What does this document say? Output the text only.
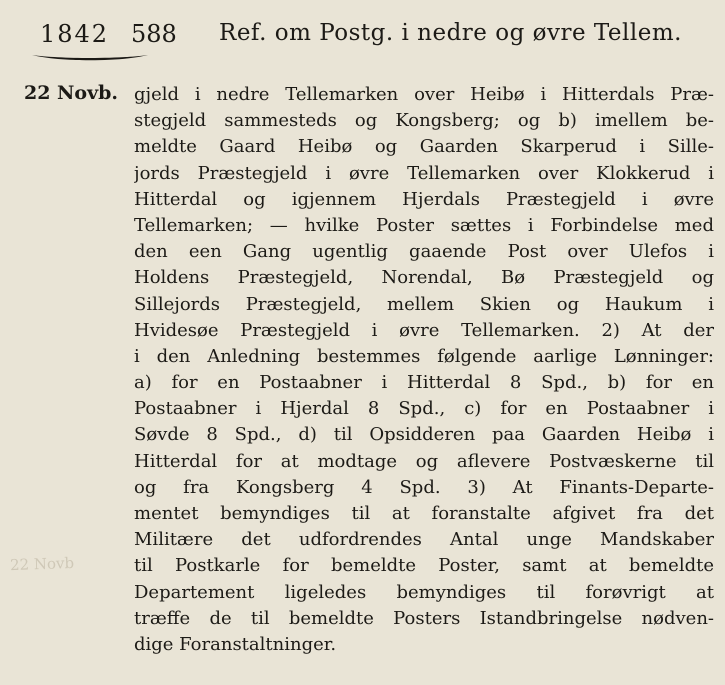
1842 588 Ref. om Postg. i nedre og øvre Tellem.
22 Novb. gjeld i nedre Tellemarken over Heibø i Hitterdals Præ-
stegjeld sammesteds og Kongsberg; og b) imellem be-
meldte Gaard Heibø og Gaarden Skarperud i Sille-
jords Præstegjeld i øvre Tellemarken over Klokkerud i
Hitterdal og igjennem Hjerdals Præstegjeld i øvre
Tellemarken; — hvilke Poster sættes i Forbindelse med
den een Gang ugentlig gaaende Post over Ulefos i
Holdens Præstegjeld, Norendal, Bø Præstegjeld og
Sillejords Præstegjeld, mellem Skien og Haukum i
Hvidesøe Præstegjeld i øvre Tellemarken. 2) At der
i den Anledning bestemmes følgende aarlige Lønninger:
a) for en Postaabner i Hitterdal 8 Spd., b) for en
Postaabner i Hjerdal 8 Spd., c) for en Postaabner i
Søvde 8 Spd., d) til Opsidderen paa Gaarden Heibø i
Hitterdal for at modtage og aflevere Postvæskerne til
og fra Kongsberg 4 Spd. 3) At Finants-Departe-
mentet bemyndiges til at foranstalte afgivet fra det
Militære det udfordrendes Antal unge Mandskaber
til Postkarle for bemeldte Poster, samt at bemeldte
Departement ligeledes bemyndiges til forøvrigt at
træffe de til bemeldte Posters Istandbringelse nødven-
dige Foranstaltninger.
22 Novb
